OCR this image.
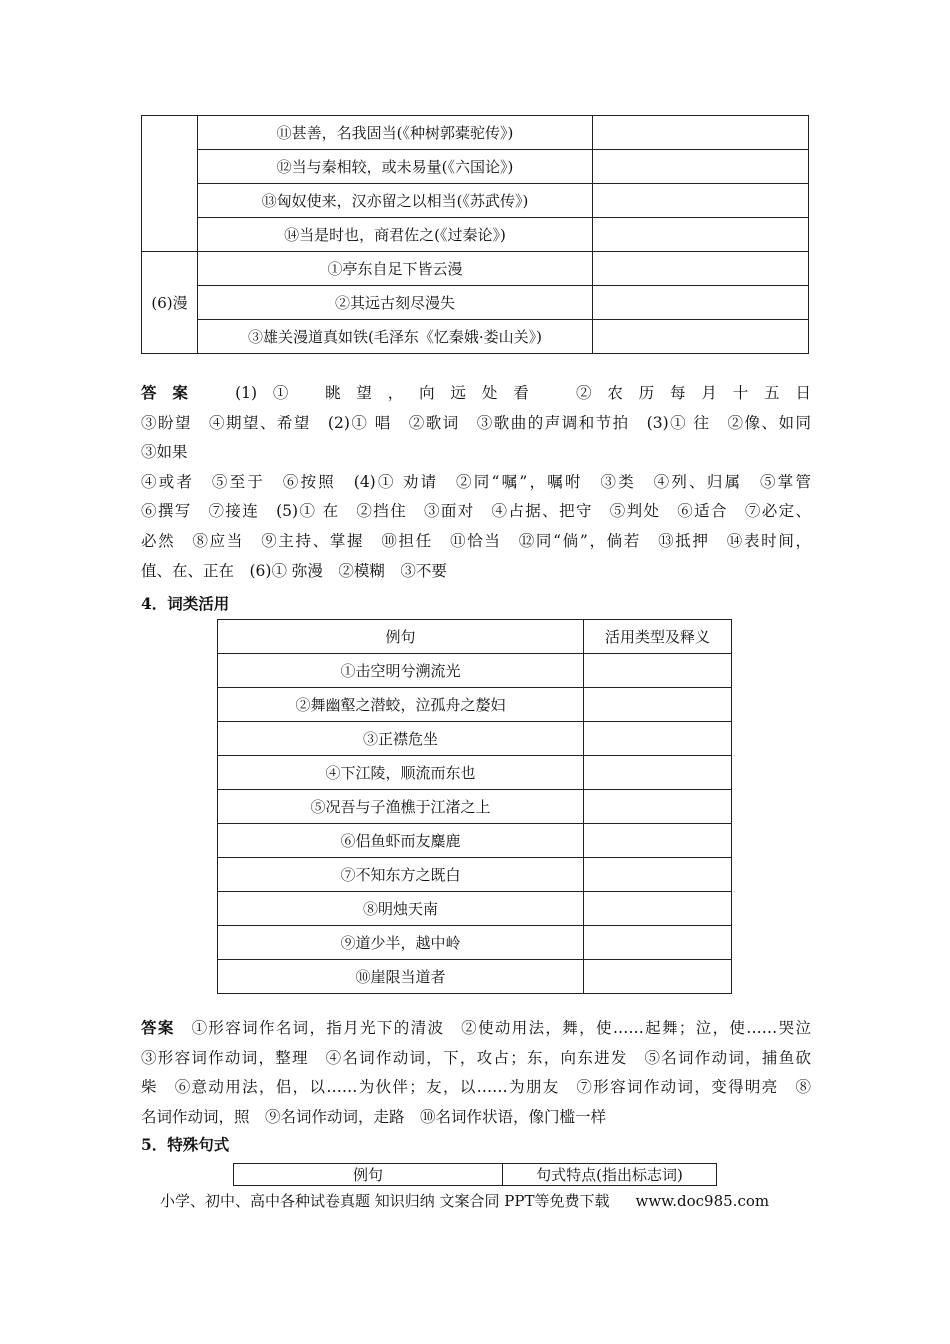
	⑪甚善，名我固当(《种树郭橐驼传》)	
	⑫当与秦相较，或未易量(《六国论》)	
	⑬匈奴使来，汉亦留之以相当(《苏武传》)	
	⑭当是时也，商君佐之(《过秦论》)	
(6)漫	①亭东自足下皆云漫	
	②其远古刻尽漫失	
	③雄关漫道真如铁(毛泽东《忆秦娥·娄山关》)	
答案　 (1)① 眺望，向远处看　②农历每月十五日
③盼望　④期望、希望　(2)① 唱　②歌词　③歌曲的声调和节拍　(3)① 往　②像、如同
③如果
④或者　⑤至于　⑥按照　(4)① 劝请　②同“嘱”，嘱咐　③类　④列、归属　⑤掌管
⑥撰写　⑦接连　(5)① 在　②挡住　③面对　④占据、把守　⑤判处　⑥适合　⑦必定、
必然　⑧应当　⑨主持、掌握　⑩担任　⑪恰当　⑫同“倘”，倘若　⑬抵押　⑭表时间，
值、在、正在　(6)① 弥漫　②模糊　③不要
4．词类活用
例句	活用类型及释义
①击空明兮溯流光	
②舞幽壑之潜蛟，泣孤舟之嫠妇	
③正襟危坐	
④下江陵，顺流而东也	
⑤况吾与子渔樵于江渚之上	
⑥侣鱼虾而友麋鹿	
⑦不知东方之既白	
⑧明烛天南	
⑨道少半，越中岭	
⑩崖限当道者	
答案　 ①形容词作名词，指月光下的清波　②使动用法，舞，使……起舞；泣，使……哭泣
③形容词作动词，整理　④名词作动词，下，攻占；东，向东进发　⑤名词作动词，捕鱼砍
柴　⑥意动用法，侣，以……为伙伴；友，以……为朋友　⑦形容词作动词，变得明亮　⑧
名词作动词，照　⑨名词作动词，走路　⑩名词作状语，像门槛一样
5．特殊句式
例句	句式特点(指出标志词)
小学、初中、高中各种试卷真题 知识归纳 文案合同 PPT等免费下载 www.doc985.com
